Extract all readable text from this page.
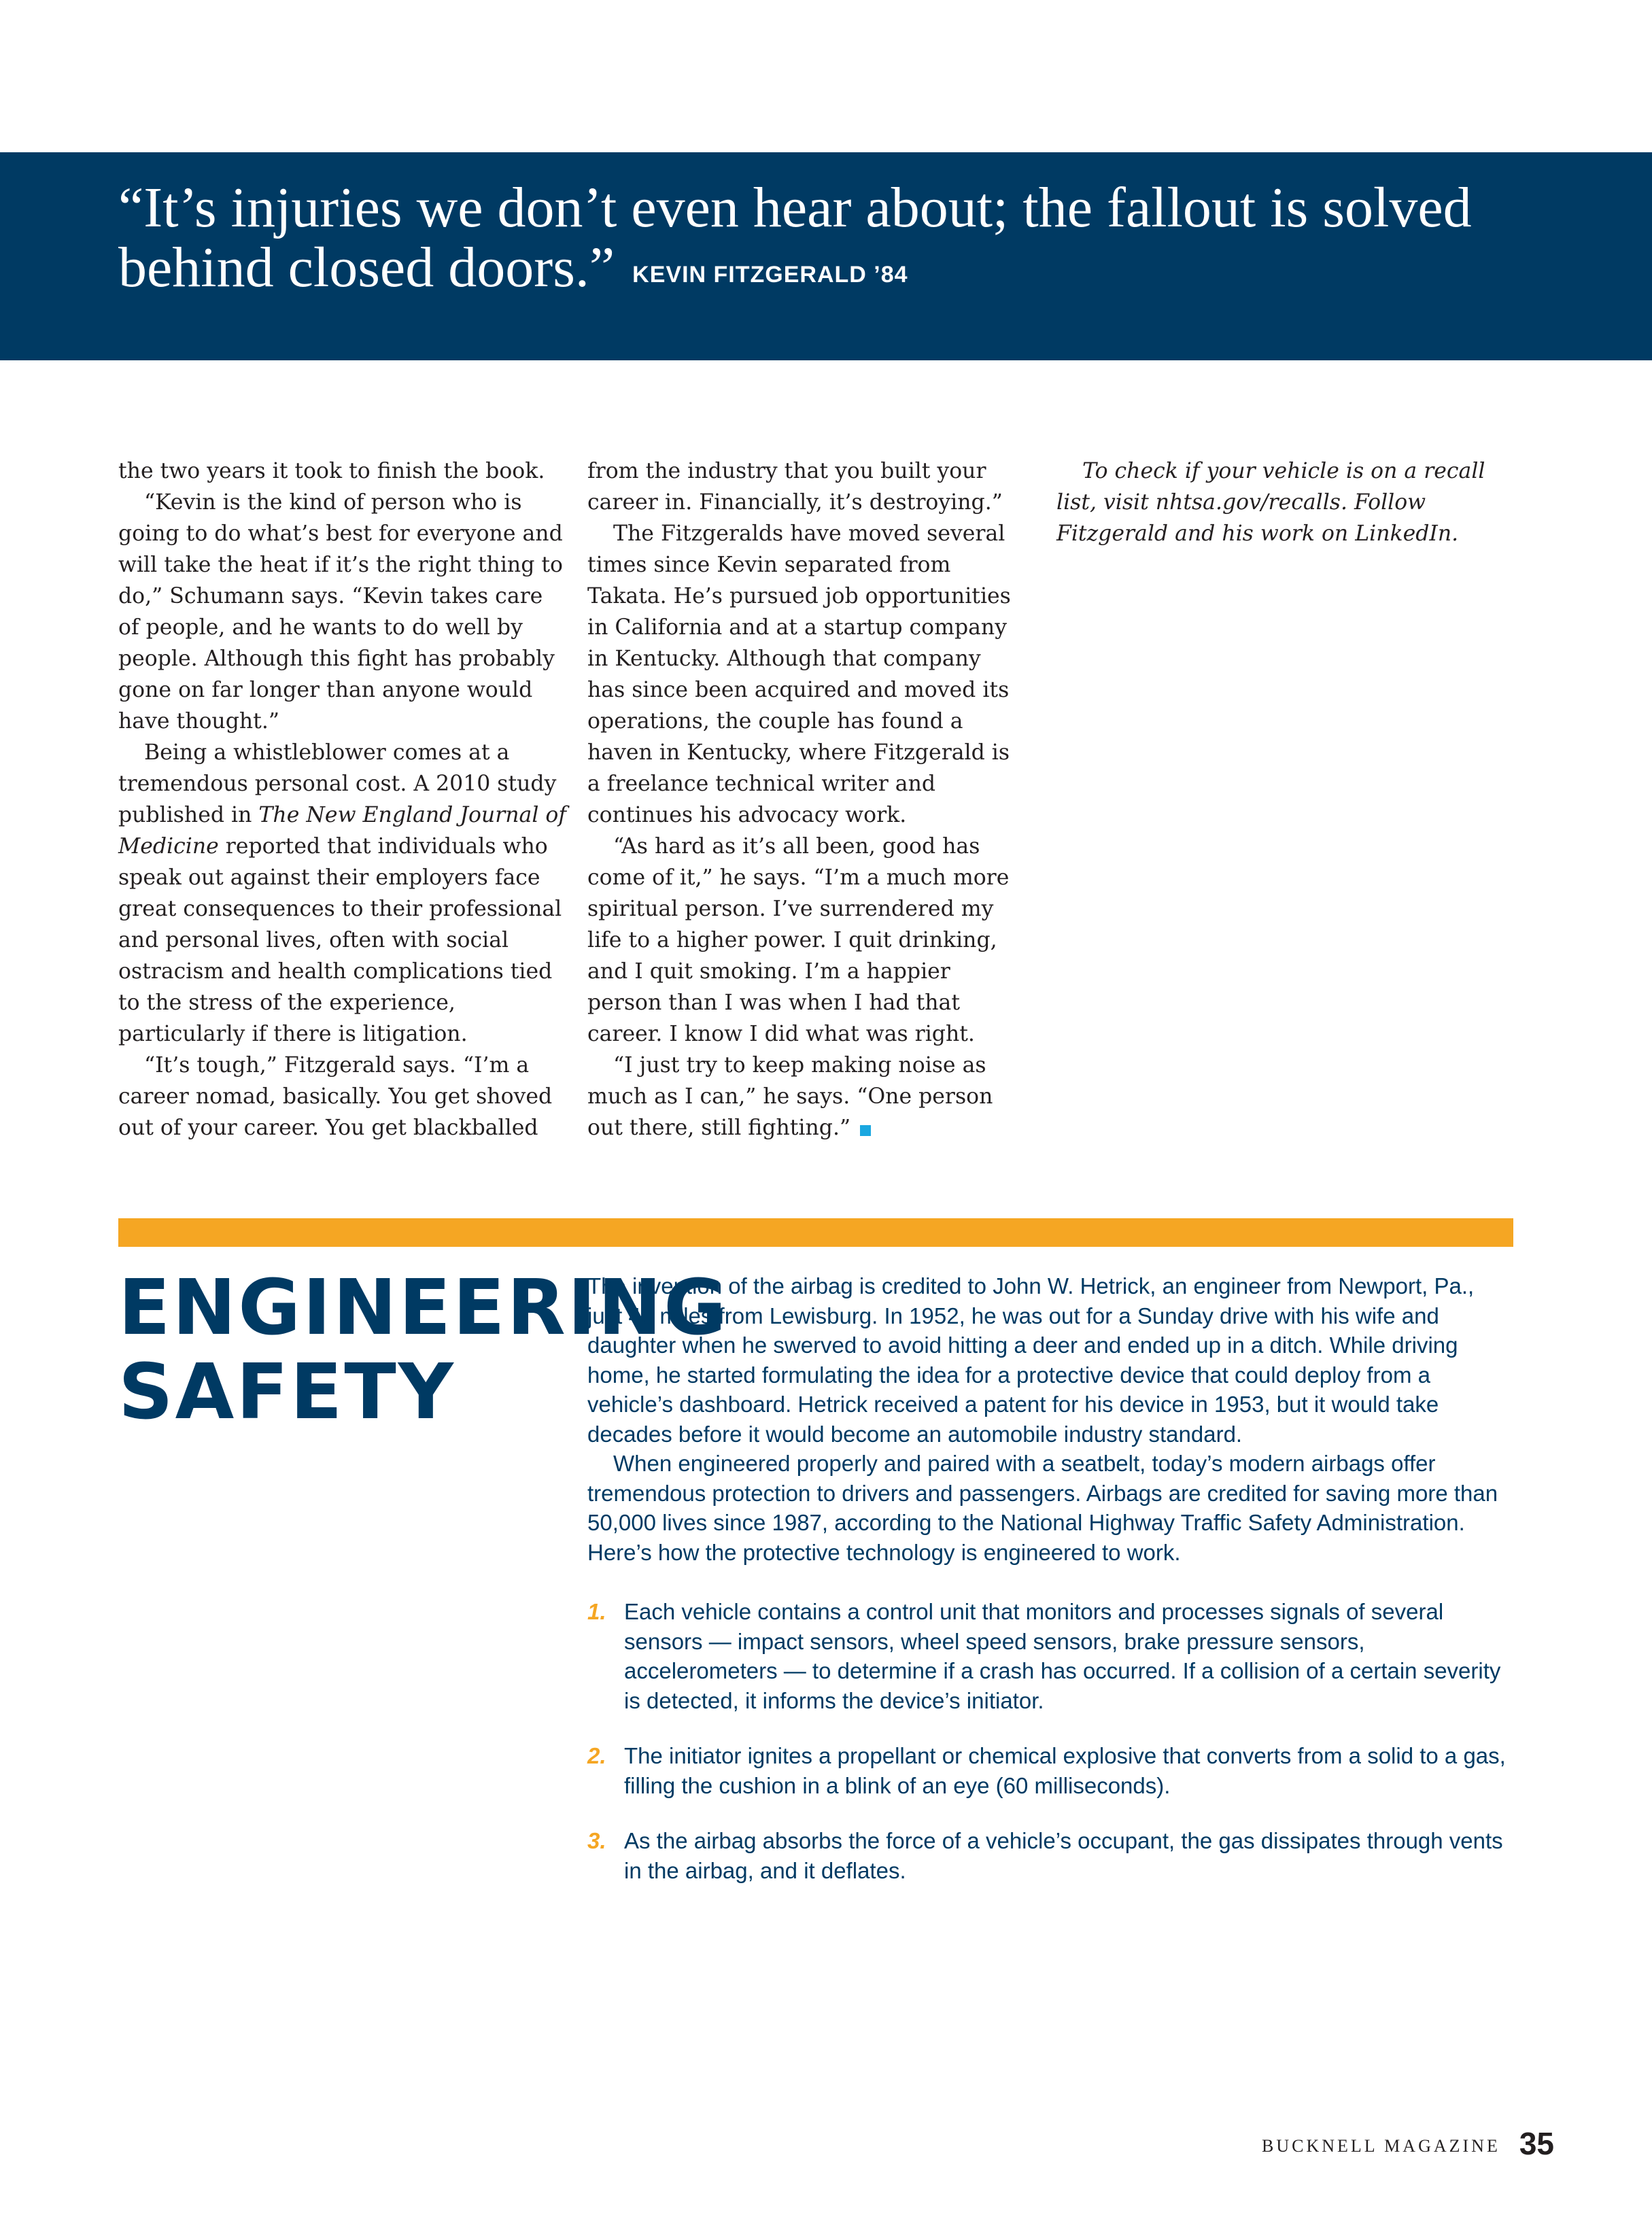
“It’s injuries we don’t even hear about; the fallout is solved
behind closed doors.” KEVIN FITZGERALD ’84

the two years it took to finish the book.

“Kevin is the kind of person who is going to do what’s best for everyone and will take the heat if it’s the right thing to do,” Schumann says. “Kevin takes care of people, and he wants to do well by people. Although this fight has probably gone on far longer than anyone would have thought.”

Being a whistleblower comes at a tremendous personal cost. A 2010 study published in The New England Journal of Medicine reported that individuals who speak out against their employers face great consequences to their professional and personal lives, often with social ostracism and health complications tied to the stress of the experience, particularly if there is litigation.

“It’s tough,” Fitzgerald says. “I’m a career nomad, basically. You get shoved out of your career. You get blackballed

from the industry that you built your career in. Financially, it’s destroying.”

The Fitzgeralds have moved several times since Kevin separated from Takata. He’s pursued job opportunities in California and at a startup company in Kentucky. Although that company has since been acquired and moved its operations, the couple has found a haven in Kentucky, where Fitzgerald is a freelance technical writer and continues his advocacy work.

“As hard as it’s all been, good has come of it,” he says. “I’m a much more spiritual person. I’ve surrendered my life to a higher power. I quit drinking, and I quit smoking. I’m a happier person than I was when I had that career. I know I did what was right.

“I just try to keep making noise as much as I can,” he says. “One person out there, still fighting.”

To check if your vehicle is on a recall list, visit nhtsa.gov/recalls. Follow Fitzgerald and his work on LinkedIn.

ENGINEERING
SAFETY

The invention of the airbag is credited to John W. Hetrick, an engineer from Newport, Pa., just 45 miles from Lewisburg. In 1952, he was out for a Sunday drive with his wife and daughter when he swerved to avoid hitting a deer and ended up in a ditch. While driving home, he started formulating the idea for a protective device that could deploy from a vehicle’s dashboard. Hetrick received a patent for his device in 1953, but it would take decades before it would become an automobile industry standard.

When engineered properly and paired with a seatbelt, today’s modern airbags offer tremendous protection to drivers and passengers. Airbags are credited for saving more than 50,000 lives since 1987, according to the National Highway Traffic Safety Administration. Here’s how the protective technology is engineered to work.

1. Each vehicle contains a control unit that monitors and processes signals of several sensors — impact sensors, wheel speed sensors, brake pressure sensors, accelerometers — to determine if a crash has occurred. If a collision of a certain severity is detected, it informs the device’s initiator.
2. The initiator ignites a propellant or chemical explosive that converts from a solid to a gas, filling the cushion in a blink of an eye (60 milliseconds).
3. As the airbag absorbs the force of a vehicle’s occupant, the gas dissipates through vents in the airbag, and it deflates.
BUCKNELL MAGAZINE 35
